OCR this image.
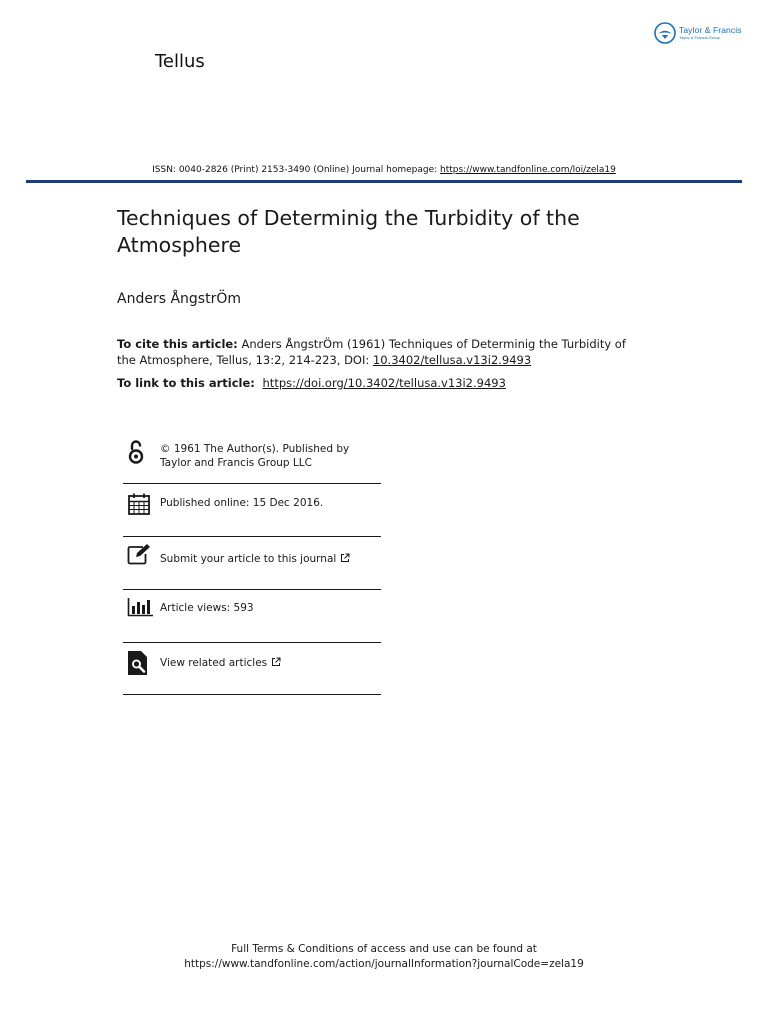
Taylor & Francis
Taylor & Francis Group
Tellus
ISSN: 0040-2826 (Print) 2153-3490 (Online) Journal homepage: https://www.tandfonline.com/loi/zela19
Techniques of Determinig the Turbidity of the Atmosphere
Anders ÅngstrÖm
To cite this article: Anders ÅngstrÖm (1961) Techniques of Determinig the Turbidity of the Atmosphere, Tellus, 13:2, 214-223, DOI: 10.3402/tellusa.v13i2.9493
To link to this article:  https://doi.org/10.3402/tellusa.v13i2.9493
© 1961 The Author(s). Published by Taylor and Francis Group LLC
Published online: 15 Dec 2016.
Submit your article to this journal
Article views: 593
View related articles
Full Terms & Conditions of access and use can be found at
https://www.tandfonline.com/action/journalInformation?journalCode=zela19
